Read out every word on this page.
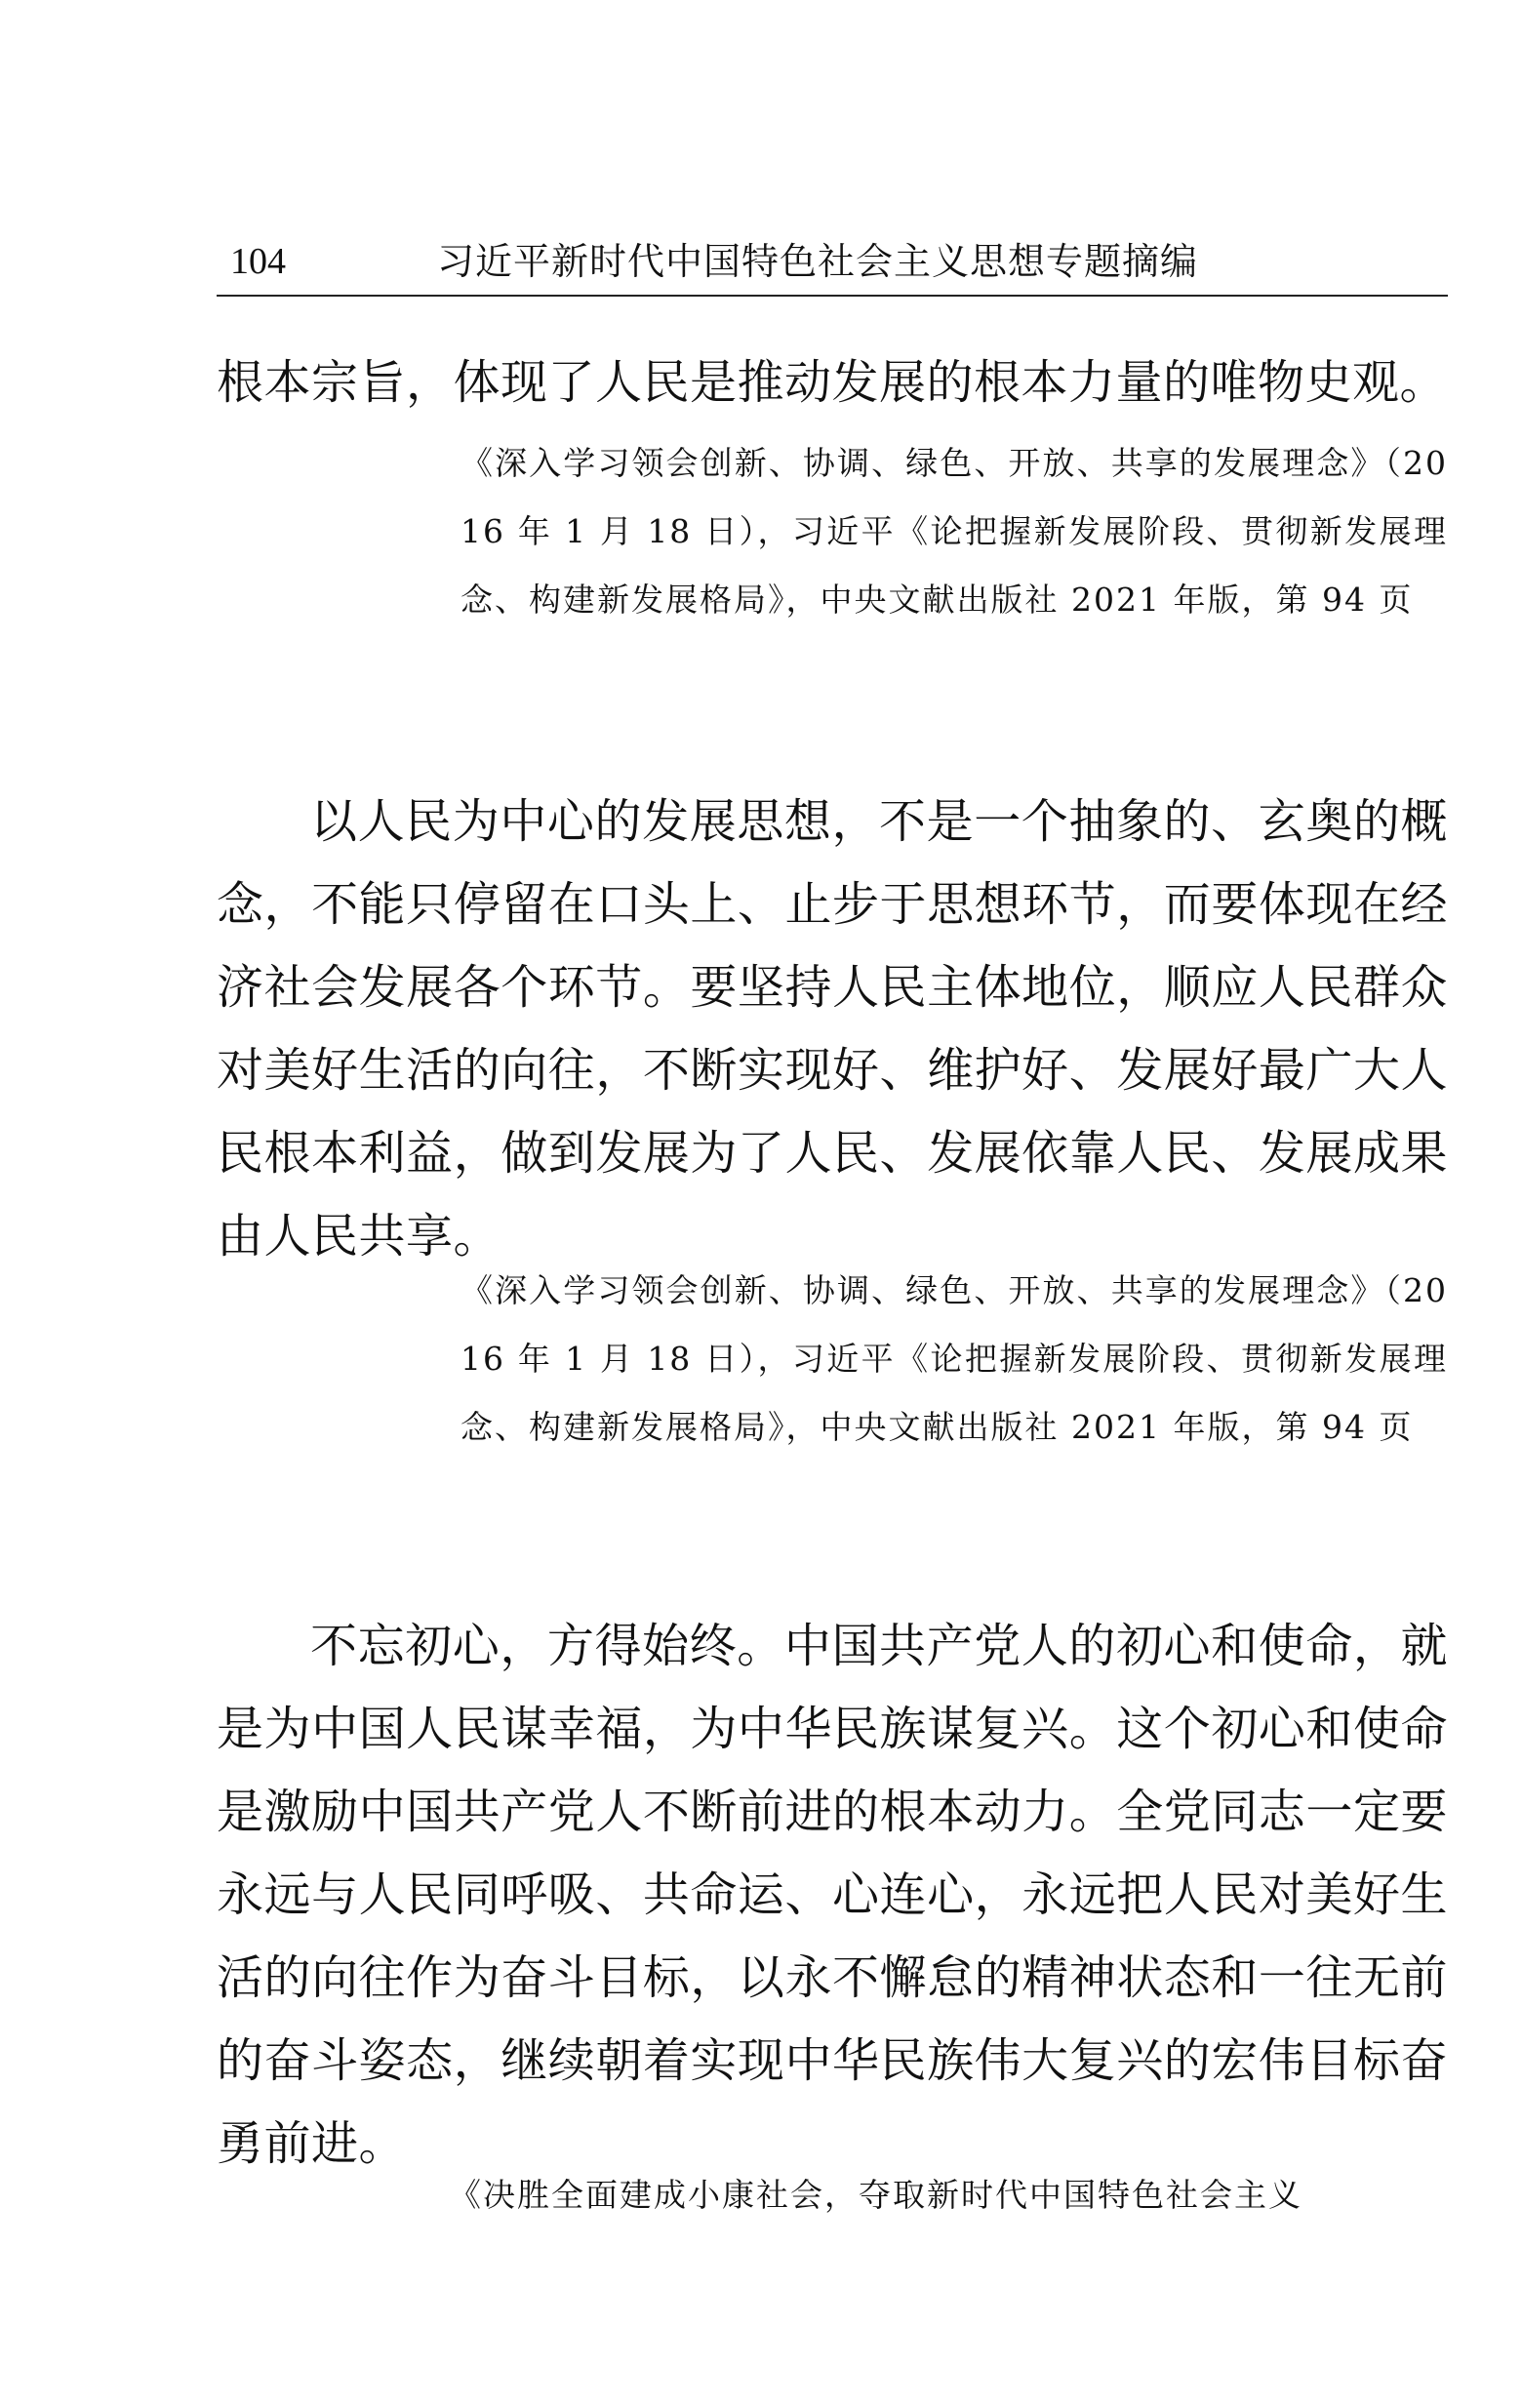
104	习近平新时代中国特色社会主义思想专题摘编

根本宗旨，体现了人民是推动发展的根本力量的唯物史观。

《深入学习领会创新、协调、绿色、开放、共享的发展理念》（2016 年 1 月 18 日），习近平《论把握新发展阶段、贯彻新发展理念、构建新发展格局》，中央文献出版社 2021 年版，第 94 页

以人民为中心的发展思想，不是一个抽象的、玄奥的概念，不能只停留在口头上、止步于思想环节，而要体现在经济社会发展各个环节。要坚持人民主体地位，顺应人民群众对美好生活的向往，不断实现好、维护好、发展好最广大人民根本利益，做到发展为了人民、发展依靠人民、发展成果由人民共享。

《深入学习领会创新、协调、绿色、开放、共享的发展理念》（2016 年 1 月 18 日），习近平《论把握新发展阶段、贯彻新发展理念、构建新发展格局》，中央文献出版社 2021 年版，第 94 页

不忘初心，方得始终。中国共产党人的初心和使命，就是为中国人民谋幸福，为中华民族谋复兴。这个初心和使命是激励中国共产党人不断前进的根本动力。全党同志一定要永远与人民同呼吸、共命运、心连心，永远把人民对美好生活的向往作为奋斗目标，以永不懈怠的精神状态和一往无前的奋斗姿态，继续朝着实现中华民族伟大复兴的宏伟目标奋勇前进。

《决胜全面建成小康社会，夺取新时代中国特色社会主义
